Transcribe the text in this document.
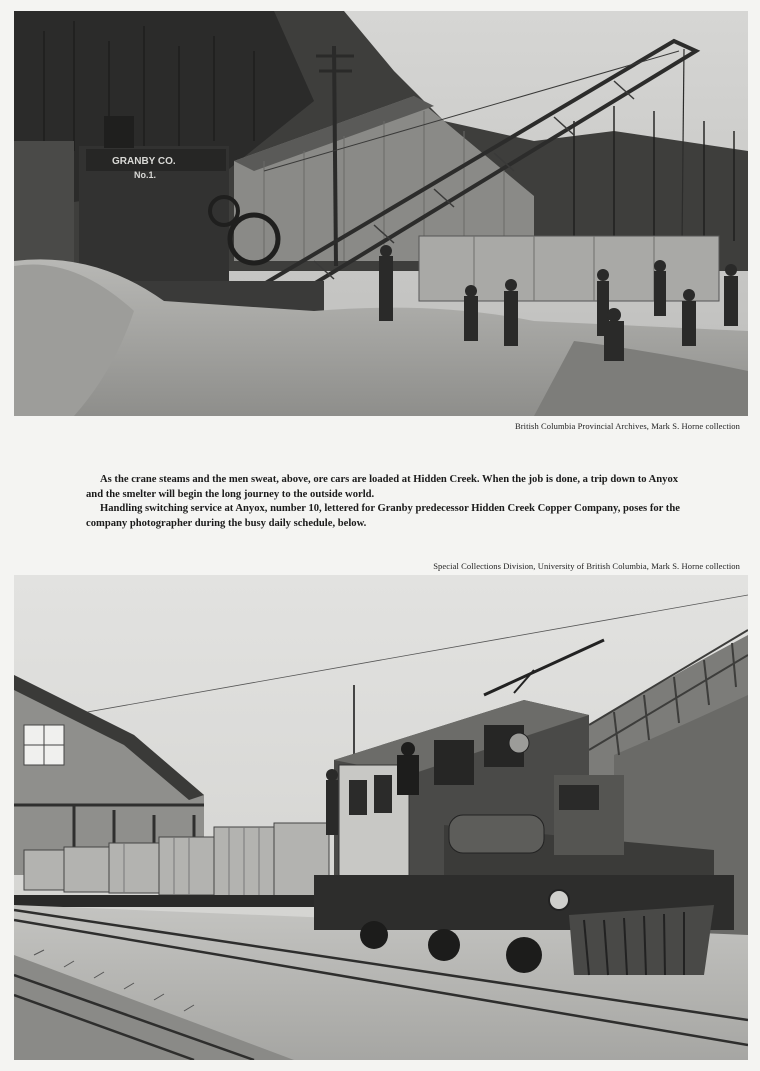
GRANBY CO.
No.1.
British Columbia Provincial Archives, Mark S. Horne collection

As the crane steams and the men sweat, above, ore cars are loaded at Hidden Creek. When the job is done, a trip down to Anyox and the smelter will begin the long journey to the outside world.

Handling switching service at Anyox, number 10, lettered for Granby predecessor Hidden Creek Copper Company, poses for the company photographer during the busy daily schedule, below.

Special Collections Division, University of British Columbia, Mark S. Horne collection
